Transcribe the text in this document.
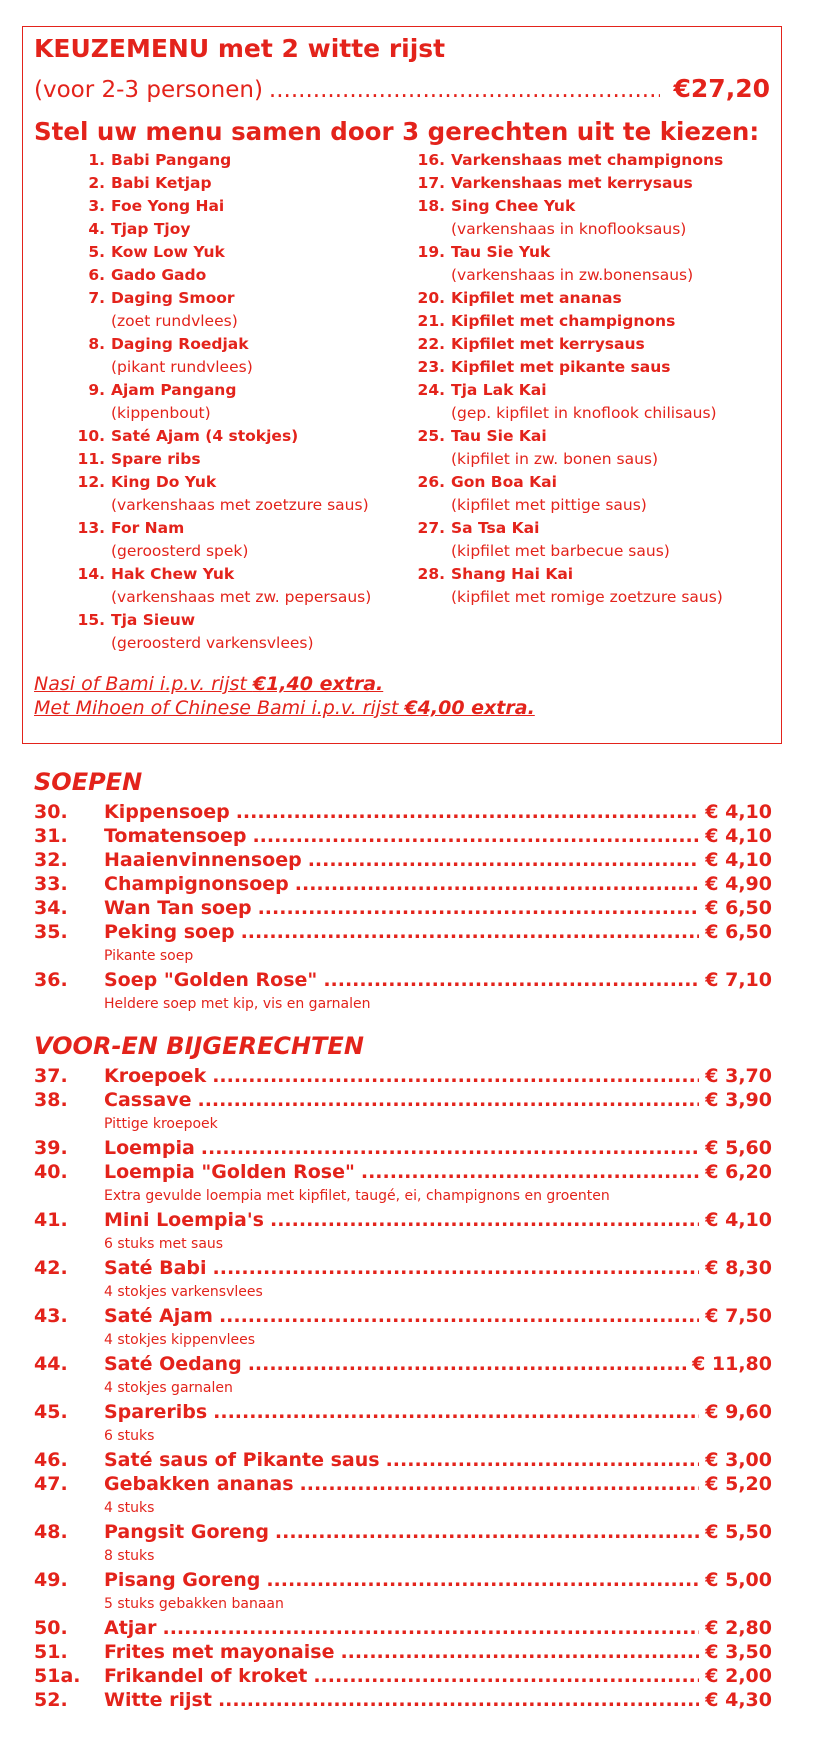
KEUZEMENU met 2 witte rijst
(voor 2-3 personen) .....	€27,20
Stel uw menu samen door 3 gerechten uit te kiezen:
1. Babi Pangang
2. Babi Ketjap
3. Foe Yong Hai
4. Tjap Tjoy
5. Kow Low Yuk
6. Gado Gado
7. Daging Smoor
(zoet rundvlees)
8. Daging Roedjak
(pikant rundvlees)
9. Ajam Pangang
(kippenbout)
10. Saté Ajam (4 stokjes)
11. Spare ribs
12. King Do Yuk
(varkenshaas met zoetzure saus)
13. For Nam
(geroosterd spek)
14. Hak Chew Yuk
(varkenshaas met zw. pepersaus)
15. Tja Sieuw
(geroosterd varkensvlees)
16. Varkenshaas met champignons
17. Varkenshaas met kerrysaus
18. Sing Chee Yuk
(varkenshaas in knoflooksaus)
19. Tau Sie Yuk
(varkenshaas in zw.bonensaus)
20. Kipfilet met ananas
21. Kipfilet met champignons
22. Kipfilet met kerrysaus
23. Kipfilet met pikante saus
24. Tja Lak Kai
(gep. kipfilet in knoflook chilisaus)
25. Tau Sie Kai
(kipfilet in zw. bonen saus)
26. Gon Boa Kai
(kipfilet met pittige saus)
27. Sa Tsa Kai
(kipfilet met barbecue saus)
28. Shang Hai Kai
(kipfilet met romige zoetzure saus)
Nasi of Bami i.p.v. rijst €1,40 extra.
Met Mihoen of Chinese Bami i.p.v. rijst €4,00 extra.
SOEPEN
30.	Kippensoep .....	€ 4,10
31.	Tomatensoep .....	€ 4,10
32.	Haaienvinnensoep .....	€ 4,10
33.	Champignonsoep .....	€ 4,90
34.	Wan Tan soep .....	€ 6,50
35.	Peking soep .....	€ 6,50
Pikante soep
36.	Soep "Golden Rose" .....	€ 7,10
Heldere soep met kip, vis en garnalen
VOOR-EN BIJGERECHTEN
37.	Kroepoek .....	€ 3,70
38.	Cassave .....	€ 3,90
Pittige kroepoek
39.	Loempia .....	€ 5,60
40.	Loempia "Golden Rose" .....	€ 6,20
Extra gevulde loempia met kipfilet, taugé, ei, champignons en groenten
41.	Mini Loempia's .....	€ 4,10
6 stuks met saus
42.	Saté Babi .....	€ 8,30
4 stokjes varkensvlees
43.	Saté Ajam .....	€ 7,50
4 stokjes kippenvlees
44.	Saté Oedang .....	€ 11,80
4 stokjes garnalen
45.	Spareribs .....	€ 9,60
6 stuks
46.	Saté saus of Pikante saus .....	€ 3,00
47.	Gebakken ananas .....	€ 5,20
4 stuks
48.	Pangsit Goreng .....	€ 5,50
8 stuks
49.	Pisang Goreng .....	€ 5,00
5 stuks gebakken banaan
50.	Atjar .....	€ 2,80
51.	Frites met mayonaise .....	€ 3,50
51a.	Frikandel of kroket .....	€ 2,00
52.	Witte rijst .....	€ 4,30
